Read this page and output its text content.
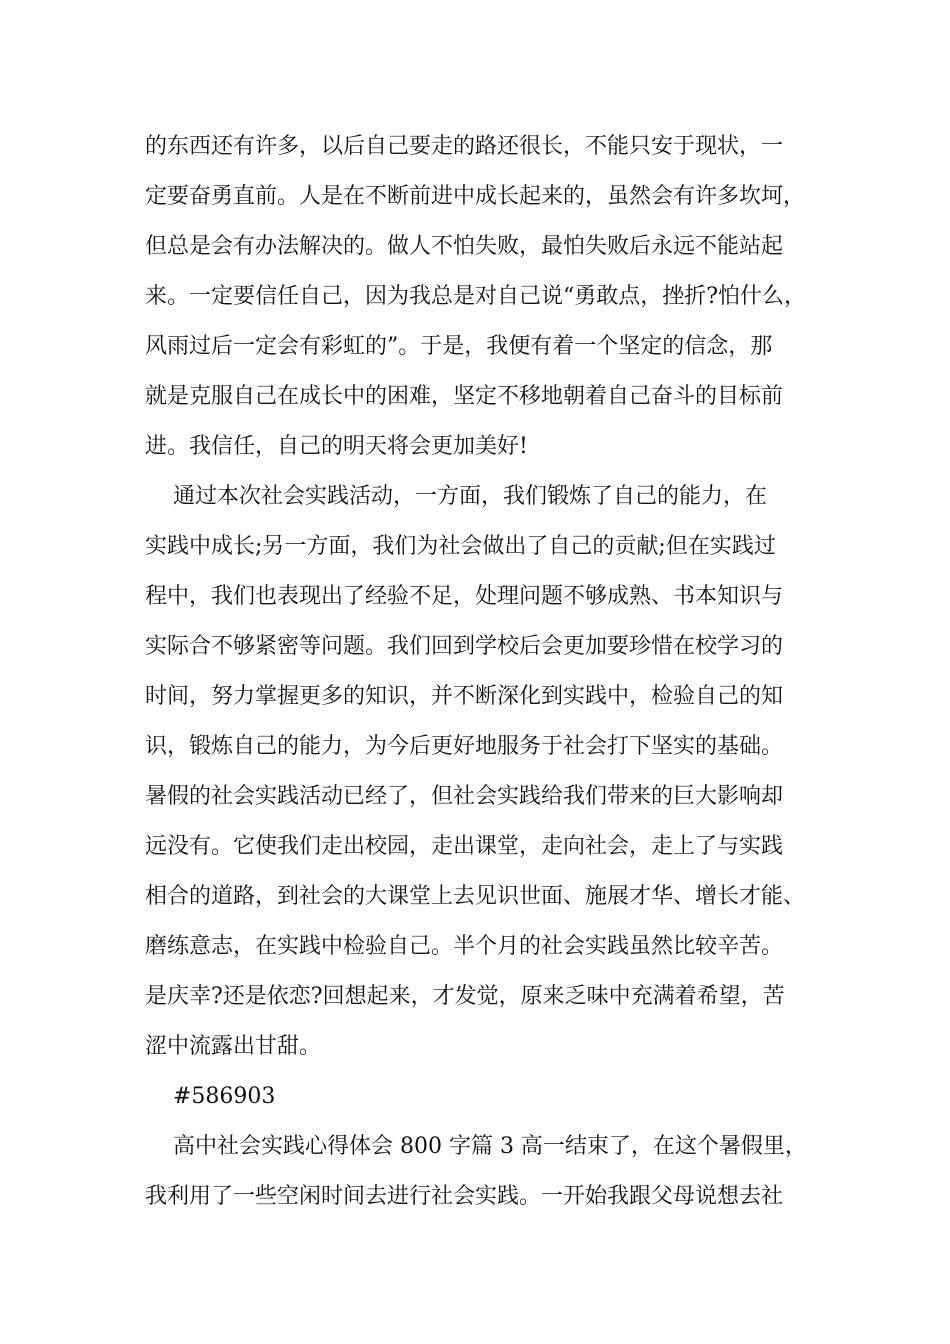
的东西还有许多，以后自己要走的路还很长，不能只安于现状，一
定要奋勇直前。人是在不断前进中成长起来的，虽然会有许多坎坷，
但总是会有办法解决的。做人不怕失败，最怕失败后永远不能站起
来。一定要信任自己，因为我总是对自己说“勇敢点，挫折?怕什么，
风雨过后一定会有彩虹的”。于是，我便有着一个坚定的信念，那
就是克服自己在成长中的困难，坚定不移地朝着自己奋斗的目标前
进。我信任，自己的明天将会更加美好!
通过本次社会实践活动，一方面，我们锻炼了自己的能力，在
实践中成长;另一方面，我们为社会做出了自己的贡献;但在实践过
程中，我们也表现出了经验不足，处理问题不够成熟、书本知识与
实际合不够紧密等问题。我们回到学校后会更加要珍惜在校学习的
时间，努力掌握更多的知识，并不断深化到实践中，检验自己的知
识，锻炼自己的能力，为今后更好地服务于社会打下坚实的基础。
暑假的社会实践活动已经了，但社会实践给我们带来的巨大影响却
远没有。它使我们走出校园，走出课堂，走向社会，走上了与实践
相合的道路，到社会的大课堂上去见识世面、施展才华、增长才能、
磨练意志，在实践中检验自己。半个月的社会实践虽然比较辛苦。
是庆幸?还是依恋?回想起来，才发觉，原来乏味中充满着希望，苦
涩中流露出甘甜。
#586903
高中社会实践心得体会 800 字篇 3 高一结束了，在这个暑假里，
我利用了一些空闲时间去进行社会实践。一开始我跟父母说想去社
